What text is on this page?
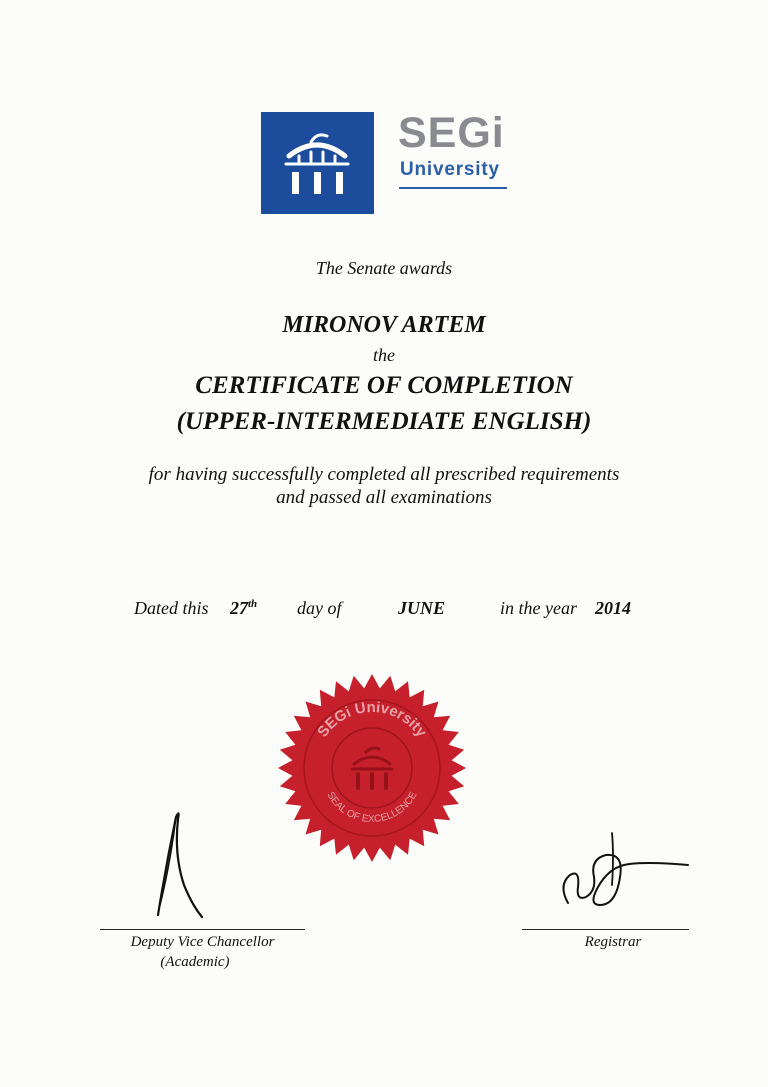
SEGi
University
The Senate awards
MIRONOV ARTEM
the
CERTIFICATE OF COMPLETION
(UPPER-INTERMEDIATE ENGLISH)
for having successfully completed all prescribed requirements
and passed all examinations
Dated this 27th day of	JUNE	in the year 2014
SEGi University
SEAL OF EXCELLENCE
Deputy Vice Chancellor
(Academic)
Registrar
